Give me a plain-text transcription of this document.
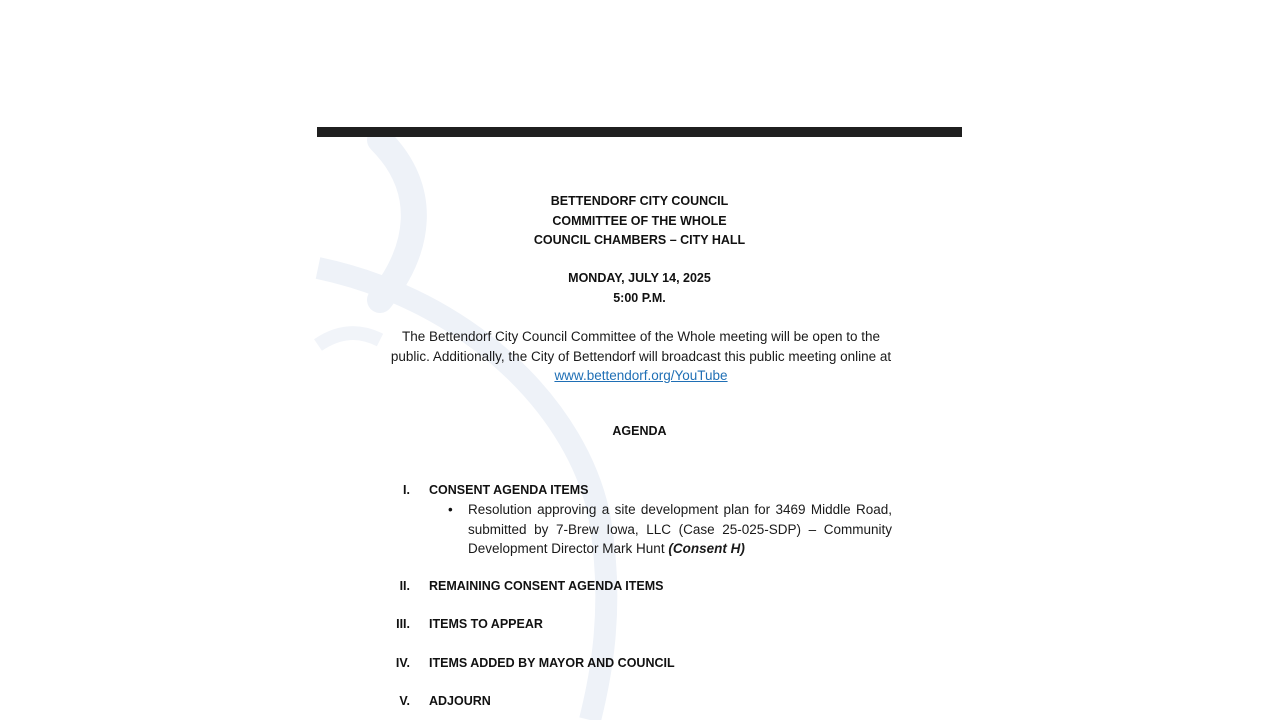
BETTENDORF CITY COUNCIL
COMMITTEE OF THE WHOLE
COUNCIL CHAMBERS – CITY HALL
MONDAY, JULY 14, 2025
5:00 P.M.
The Bettendorf City Council Committee of the Whole meeting will be open to the public. Additionally, the City of Bettendorf will broadcast this public meeting online at www.bettendorf.org/YouTube
AGENDA
I. CONSENT AGENDA ITEMS
• Resolution approving a site development plan for 3469 Middle Road, submitted by 7-Brew Iowa, LLC (Case 25-025-SDP) – Community Development Director Mark Hunt (Consent H)
II. REMAINING CONSENT AGENDA ITEMS
III. ITEMS TO APPEAR
IV. ITEMS ADDED BY MAYOR AND COUNCIL
V. ADJOURN
